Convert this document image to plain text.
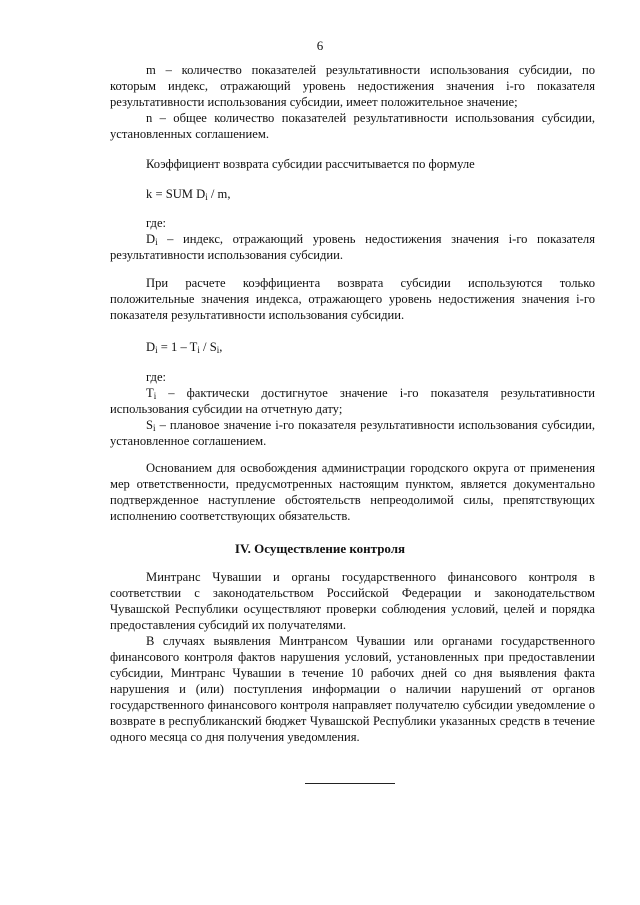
6

m – количество показателей результативности использования субсидии, по которым индекс, отражающий уровень недостижения значения i-го показателя результативности использования субсидии, имеет положительное значение;

n – общее количество показателей результативности использования субсидии, установленных соглашением.

Коэффициент возврата субсидии рассчитывается по формуле

k = SUM $D_i$ / m,

где:

$D_i$ – индекс, отражающий уровень недостижения значения i-го показателя результативности использования субсидии.

При расчете коэффициента возврата субсидии используются только положительные значения индекса, отражающего уровень недостижения значения i-го показателя результативности использования субсидии.

$D_i = 1 - T_i / S_i$,

где:

$T_i$ – фактически достигнутое значение i-го показателя результативности использования субсидии на отчетную дату;

$S_i$ – плановое значение i-го показателя результативности использования субсидии, установленное соглашением.

Основанием для освобождения администрации городского округа от применения мер ответственности, предусмотренных настоящим пунктом, является документально подтвержденное наступление обстоятельств непреодолимой силы, препятствующих исполнению соответствующих обязательств.

IV. Осуществление контроля

Минтранс Чувашии и органы государственного финансового контроля в соответствии с законодательством Российской Федерации и законодательством Чувашской Республики осуществляют проверки соблюдения условий, целей и порядка предоставления субсидий их получателями.

В случаях выявления Минтрансом Чувашии или органами государственного финансового контроля фактов нарушения условий, установленных при предоставлении субсидии, Минтранс Чувашии в течение 10 рабочих дней со дня выявления факта нарушения и (или) поступления информации о наличии нарушений от органов государственного финансового контроля направляет получателю субсидии уведомление о возврате в республиканский бюджет Чувашской Республики указанных средств в течение одного месяца со дня получения уведомления.
